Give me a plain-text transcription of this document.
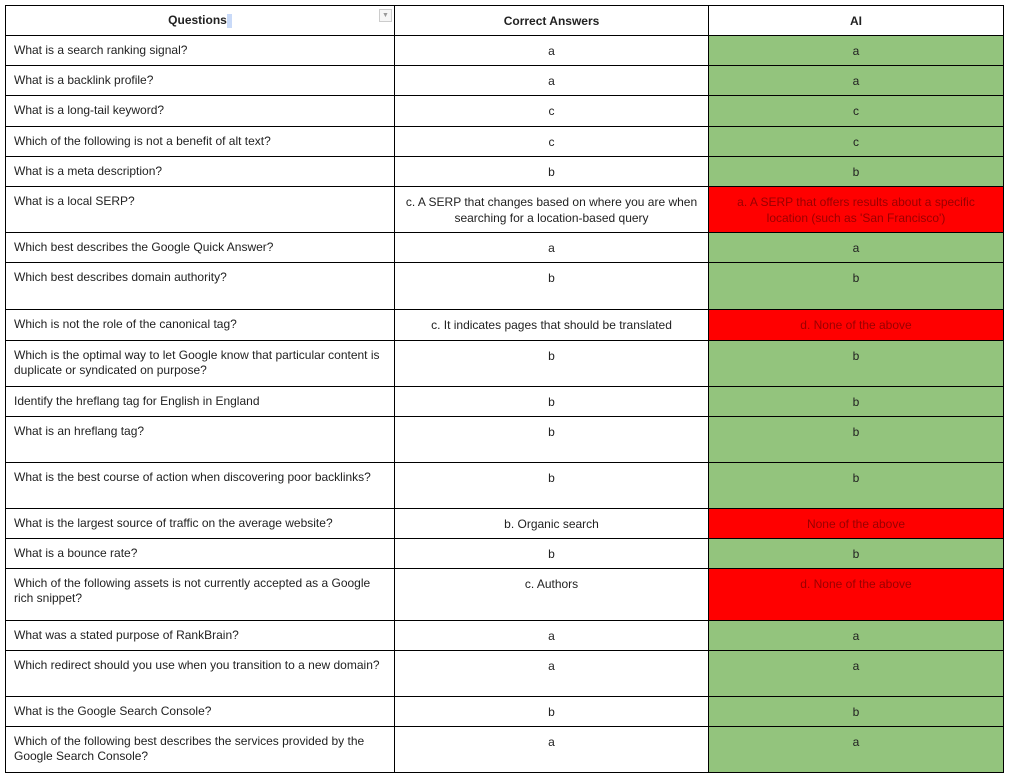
Questions ▼	Correct Answers	AI
What is a search ranking signal?	a	a
What is a backlink profile?	a	a
What is a long-tail keyword?	c	c
Which of the following is not a benefit of alt text?	c	c
What is a meta description?	b	b
What is a local SERP?	c. A SERP that changes based on where you are when searching for a location-based query	a. A SERP that offers results about a specific location (such as 'San Francisco')
Which best describes the Google Quick Answer?	a	a
Which best describes domain authority?	b	b
Which is not the role of the canonical tag?	c. It indicates pages that should be translated	d. None of the above
Which is the optimal way to let Google know that particular content is duplicate or syndicated on purpose?	b	b
Identify the hreflang tag for English in England	b	b
What is an hreflang tag?	b	b
What is the best course of action when discovering poor backlinks?	b	b
What is the largest source of traffic on the average website?	b. Organic search	None of the above
What is a bounce rate?	b	b
Which of the following assets is not currently accepted as a Google rich snippet?	c. Authors	d. None of the above
What was a stated purpose of RankBrain?	a	a
Which redirect should you use when you transition to a new domain?	a	a
What is the Google Search Console?	b	b
Which of the following best describes the services provided by the Google Search Console?	a	a
